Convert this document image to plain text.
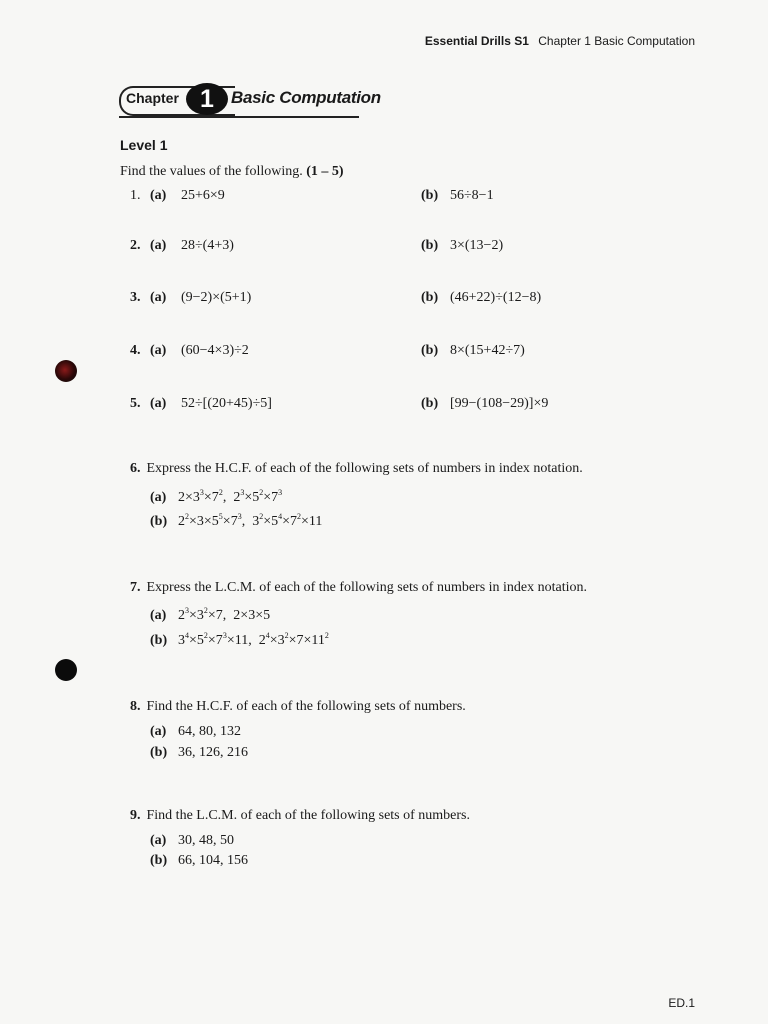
Essential Drills S1 Chapter 1 Basic Computation
Chapter 1	Basic Computation
Level 1
Find the values of the following. (1 – 5)
1. (a) 25+6×9	(b) 56÷8−1
2. (a) 28÷(4+3)	(b) 3×(13−2)
3. (a) (9−2)×(5+1)	(b) (46+22)÷(12−8)
4. (a) (60−4×3)÷2	(b) 8×(15+42÷7)
5. (a) 52÷[(20+45)÷5]	(b) [99−(108−29)]×9
6. Express the H.C.F. of each of the following sets of numbers in index notation.
(a) $2\times 3^3\times 7^2$,  $2^3\times 5^2\times 7^3$
(b) $2^2\times 3\times 5^5\times 7^3$,  $3^2\times 5^4\times 7^2\times 11$
7. Express the L.C.M. of each of the following sets of numbers in index notation.
(a) $2^3\times 3^2\times 7$,  2×3×5
(b) $3^4\times 5^2\times 7^3\times 11$,  $2^4\times 3^2\times 7\times 11^2$
8. Find the H.C.F. of each of the following sets of numbers.
(a) 64, 80, 132
(b) 36, 126, 216
9. Find the L.C.M. of each of the following sets of numbers.
(a) 30, 48, 50
(b) 66, 104, 156
ED.1
